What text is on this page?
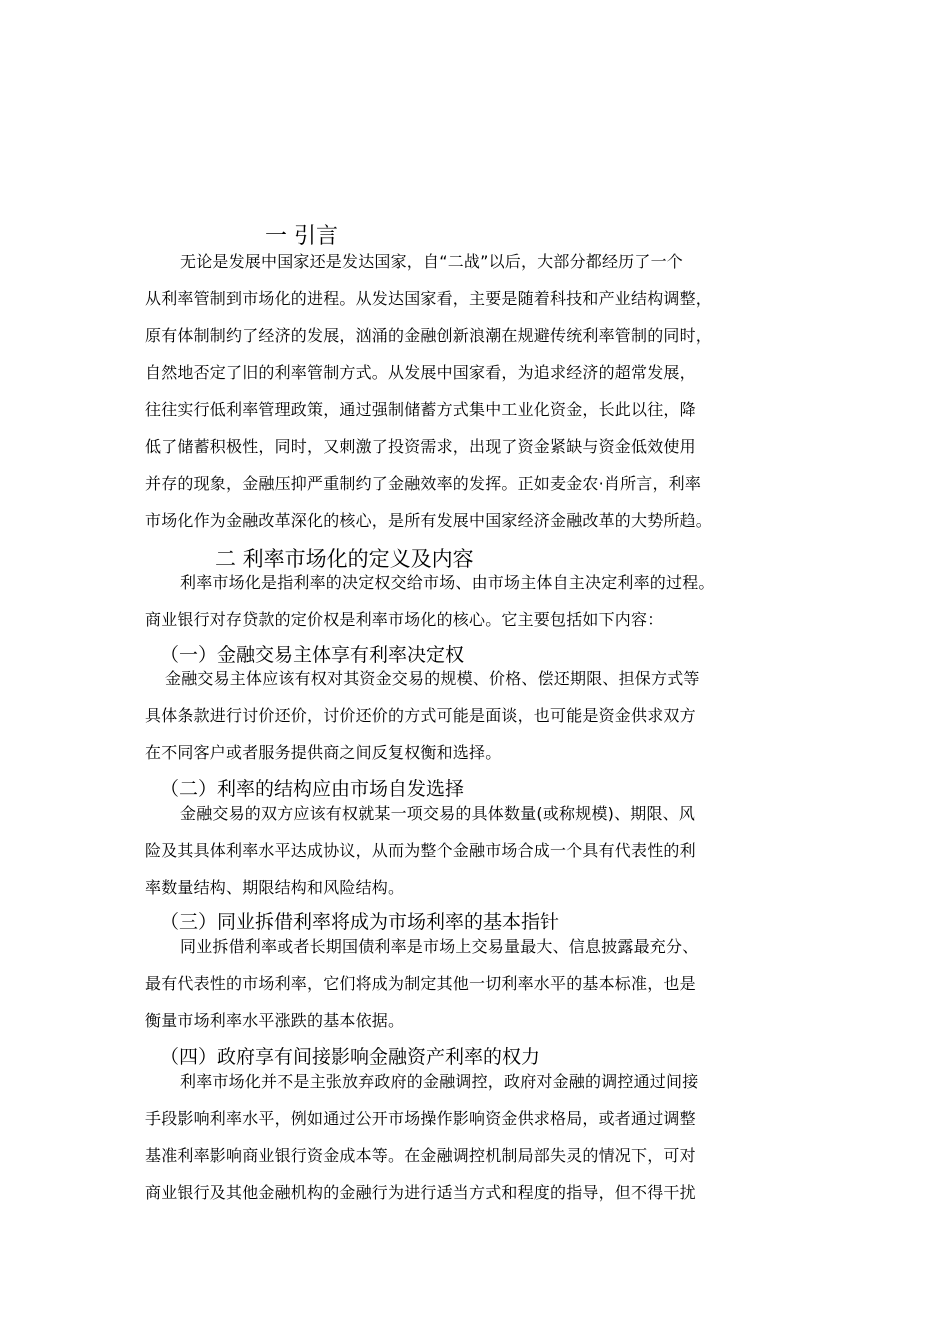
一 引言

无论是发展中国家还是发达国家，自“二战”以后，大部分都经历了一个

从利率管制到市场化的进程。从发达国家看，主要是随着科技和产业结构调整，

原有体制制约了经济的发展，汹涌的金融创新浪潮在规避传统利率管制的同时，

自然地否定了旧的利率管制方式。从发展中国家看，为追求经济的超常发展，

往往实行低利率管理政策，通过强制储蓄方式集中工业化资金，长此以往，降

低了储蓄积极性，同时，又刺激了投资需求，出现了资金紧缺与资金低效使用

并存的现象，金融压抑严重制约了金融效率的发挥。正如麦金农·肖所言，利率

市场化作为金融改革深化的核心，是所有发展中国家经济金融改革的大势所趋。

二 利率市场化的定义及内容

利率市场化是指利率的决定权交给市场、由市场主体自主决定利率的过程。

商业银行对存贷款的定价权是利率市场化的核心。它主要包括如下内容：

（一）金融交易主体享有利率决定权

金融交易主体应该有权对其资金交易的规模、价格、偿还期限、担保方式等

具体条款进行讨价还价，讨价还价的方式可能是面谈，也可能是资金供求双方

在不同客户或者服务提供商之间反复权衡和选择。

（二）利率的结构应由市场自发选择

金融交易的双方应该有权就某一项交易的具体数量(或称规模)、期限、风

险及其具体利率水平达成协议，从而为整个金融市场合成一个具有代表性的利

率数量结构、期限结构和风险结构。

（三）同业拆借利率将成为市场利率的基本指针

同业拆借利率或者长期国债利率是市场上交易量最大、信息披露最充分、

最有代表性的市场利率，它们将成为制定其他一切利率水平的基本标准，也是

衡量市场利率水平涨跌的基本依据。

（四）政府享有间接影响金融资产利率的权力

利率市场化并不是主张放弃政府的金融调控，政府对金融的调控通过间接

手段影响利率水平，例如通过公开市场操作影响资金供求格局，或者通过调整

基准利率影响商业银行资金成本等。在金融调控机制局部失灵的情况下，可对

商业银行及其他金融机构的金融行为进行适当方式和程度的指导，但不得干扰
